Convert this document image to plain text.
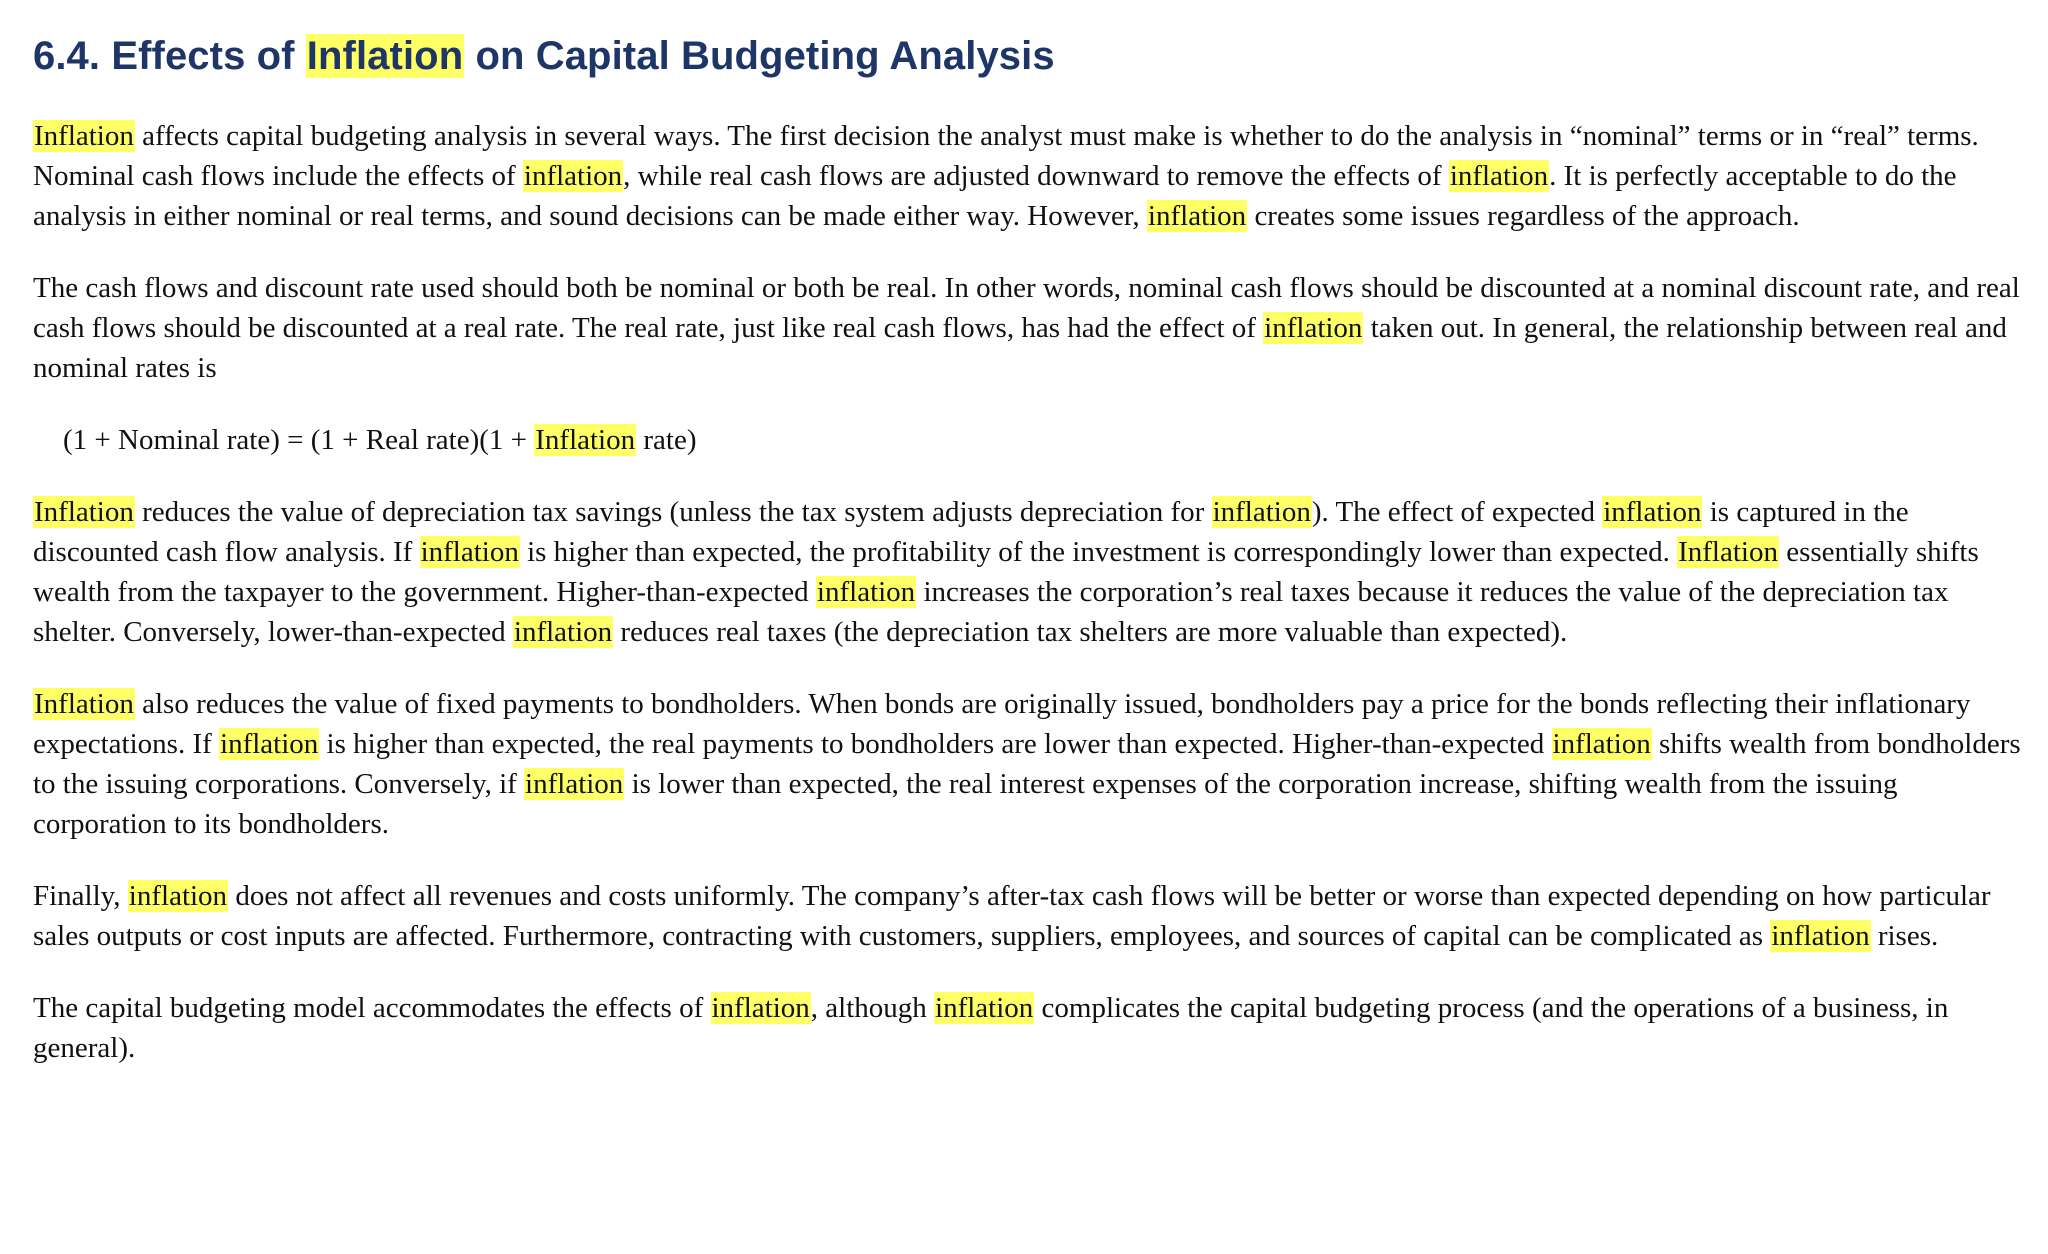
6.4. Effects of Inflation on Capital Budgeting Analysis

Inflation affects capital budgeting analysis in several ways. The first decision the analyst must make is whether to do the analysis in “nominal” terms or in “real” terms. Nominal cash flows include the effects of inflation, while real cash flows are adjusted downward to remove the effects of inflation. It is perfectly acceptable to do the analysis in either nominal or real terms, and sound decisions can be made either way. However, inflation creates some issues regardless of the approach.

The cash flows and discount rate used should both be nominal or both be real. In other words, nominal cash flows should be discounted at a nominal discount rate, and real cash flows should be discounted at a real rate. The real rate, just like real cash flows, has had the effect of inflation taken out. In general, the relationship between real and nominal rates is

(1 + Nominal rate) = (1 + Real rate)(1 + Inflation rate)

Inflation reduces the value of depreciation tax savings (unless the tax system adjusts depreciation for inflation). The effect of expected inflation is captured in the discounted cash flow analysis. If inflation is higher than expected, the profitability of the investment is correspondingly lower than expected. Inflation essentially shifts wealth from the taxpayer to the government. Higher-than-expected inflation increases the corporation’s real taxes because it reduces the value of the depreciation tax shelter. Conversely, lower-than-expected inflation reduces real taxes (the depreciation tax shelters are more valuable than expected).

Inflation also reduces the value of fixed payments to bondholders. When bonds are originally issued, bondholders pay a price for the bonds reflecting their inflationary expectations. If inflation is higher than expected, the real payments to bondholders are lower than expected. Higher-than-expected inflation shifts wealth from bondholders to the issuing corporations. Conversely, if inflation is lower than expected, the real interest expenses of the corporation increase, shifting wealth from the issuing corporation to its bondholders.

Finally, inflation does not affect all revenues and costs uniformly. The company’s after-tax cash flows will be better or worse than expected depending on how particular sales outputs or cost inputs are affected. Furthermore, contracting with customers, suppliers, employees, and sources of capital can be complicated as inflation rises.

The capital budgeting model accommodates the effects of inflation, although inflation complicates the capital budgeting process (and the operations of a business, in general).
